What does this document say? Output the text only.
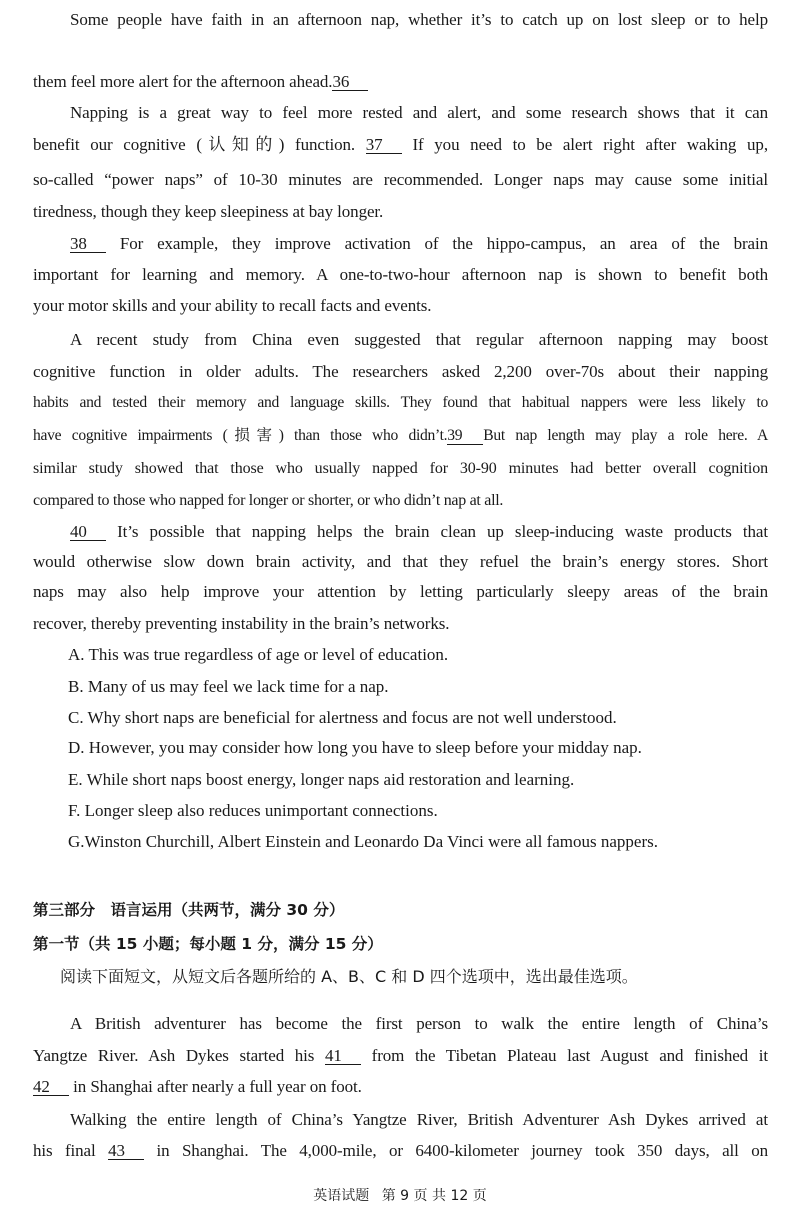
Some people have faith in an afternoon nap, whether it’s to catch up on lost sleep or to help
them feel more alert for the afternoon ahead.36
Napping is a great way to feel more rested and alert, and some research shows that it can
benefit our cognitive (认知的) function. 37 If you need to be alert right after waking up,
so-called “power naps” of 10-30 minutes are recommended. Longer naps may cause some initial
tiredness, though they keep sleepiness at bay longer.
38 For example, they improve activation of the hippo-campus, an area of the brain
important for learning and memory. A one-to-two-hour afternoon nap is shown to benefit both
your motor skills and your ability to recall facts and events.
A recent study from China even suggested that regular afternoon napping may boost
cognitive function in older adults. The researchers asked 2,200 over-70s about their napping
habits and tested their memory and language skills. They found that habitual nappers were less likely to
have cognitive impairments (损害) than those who didn’t.39 But nap length may play a role here. A
similar study showed that those who usually napped for 30-90 minutes had better overall cognition
compared to those who napped for longer or shorter, or who didn’t nap at all.
40 It’s possible that napping helps the brain clean up sleep-inducing waste products that
would otherwise slow down brain activity, and that they refuel the brain’s energy stores. Short
naps may also help improve your attention by letting particularly sleepy areas of the brain
recover, thereby preventing instability in the brain’s networks.
A. This was true regardless of age or level of education.
B. Many of us may feel we lack time for a nap.
C. Why short naps are beneficial for alertness and focus are not well understood.
D. However, you may consider how long you have to sleep before your midday nap.
E. While short naps boost energy, longer naps aid restoration and learning.
F. Longer sleep also reduces unimportant connections.
G.Winston Churchill, Albert Einstein and Leonardo Da Vinci were all famous nappers.
第三部分　语言运用（共两节，满分 30 分）
第一节（共 15 小题；每小题 1 分，满分 15 分）
阅读下面短文，从短文后各题所给的 A、B、C 和 D 四个选项中，选出最佳选项。
A British adventurer has become the first person to walk the entire length of China’s
Yangtze River. Ash Dykes started his 41 from the Tibetan Plateau last August and finished it
42 in Shanghai after nearly a full year on foot.
Walking the entire length of China’s Yangtze River, British Adventurer Ash Dykes arrived at
his final 43 in Shanghai. The 4,000-mile, or 6400-kilometer journey took 350 days, all on
英语试题 第 9 页 共 12 页
